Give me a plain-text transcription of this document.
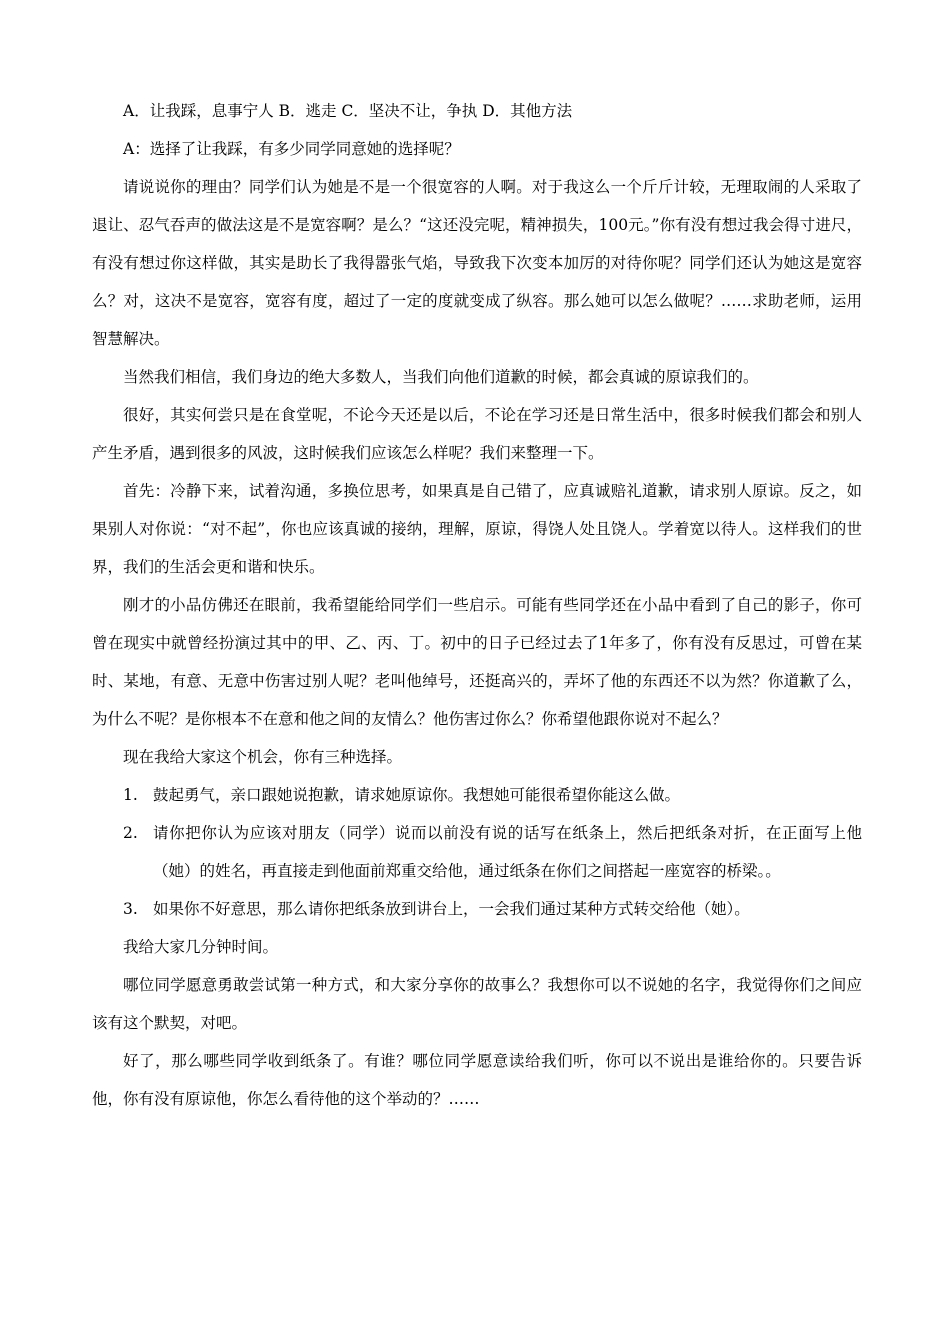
A．让我踩，息事宁人 B．逃走 C．坚决不让，争执 D．其他方法

A：选择了让我踩，有多少同学同意她的选择呢？

请说说你的理由？同学们认为她是不是一个很宽容的人啊。对于我这么一个斤斤计较，无理取闹的人采取了退让、忍气吞声的做法这是不是宽容啊？是么？“这还没完呢，精神损失，100元。”你有没有想过我会得寸进尺，有没有想过你这样做，其实是助长了我得嚣张气焰，导致我下次变本加厉的对待你呢？同学们还认为她这是宽容么？对，这决不是宽容，宽容有度，超过了一定的度就变成了纵容。那么她可以怎么做呢？……求助老师，运用智慧解决。

当然我们相信，我们身边的绝大多数人，当我们向他们道歉的时候，都会真诚的原谅我们的。

很好，其实何尝只是在食堂呢，不论今天还是以后，不论在学习还是日常生活中，很多时候我们都会和别人产生矛盾，遇到很多的风波，这时候我们应该怎么样呢？我们来整理一下。

首先：冷静下来，试着沟通，多换位思考，如果真是自己错了，应真诚赔礼道歉，请求别人原谅。反之，如果别人对你说：“对不起”，你也应该真诚的接纳，理解，原谅，得饶人处且饶人。学着宽以待人。这样我们的世界，我们的生活会更和谐和快乐。

刚才的小品仿佛还在眼前，我希望能给同学们一些启示。可能有些同学还在小品中看到了自己的影子，你可曾在现实中就曾经扮演过其中的甲、乙、丙、丁。初中的日子已经过去了1年多了，你有没有反思过，可曾在某时、某地，有意、无意中伤害过别人呢？老叫他绰号，还挺高兴的，弄坏了他的东西还不以为然？你道歉了么，为什么不呢？是你根本不在意和他之间的友情么？他伤害过你么？你希望他跟你说对不起么？

现在我给大家这个机会，你有三种选择。

1. 鼓起勇气，亲口跟她说抱歉，请求她原谅你。我想她可能很希望你能这么做。
2. 请你把你认为应该对朋友（同学）说而以前没有说的话写在纸条上，然后把纸条对折，在正面写上他（她）的姓名，再直接走到他面前郑重交给他，通过纸条在你们之间搭起一座宽容的桥梁。。
3. 如果你不好意思，那么请你把纸条放到讲台上，一会我们通过某种方式转交给他（她）。

我给大家几分钟时间。

哪位同学愿意勇敢尝试第一种方式，和大家分享你的故事么？我想你可以不说她的名字，我觉得你们之间应该有这个默契，对吧。

好了，那么哪些同学收到纸条了。有谁？哪位同学愿意读给我们听，你可以不说出是谁给你的。只要告诉他，你有没有原谅他，你怎么看待他的这个举动的？……
